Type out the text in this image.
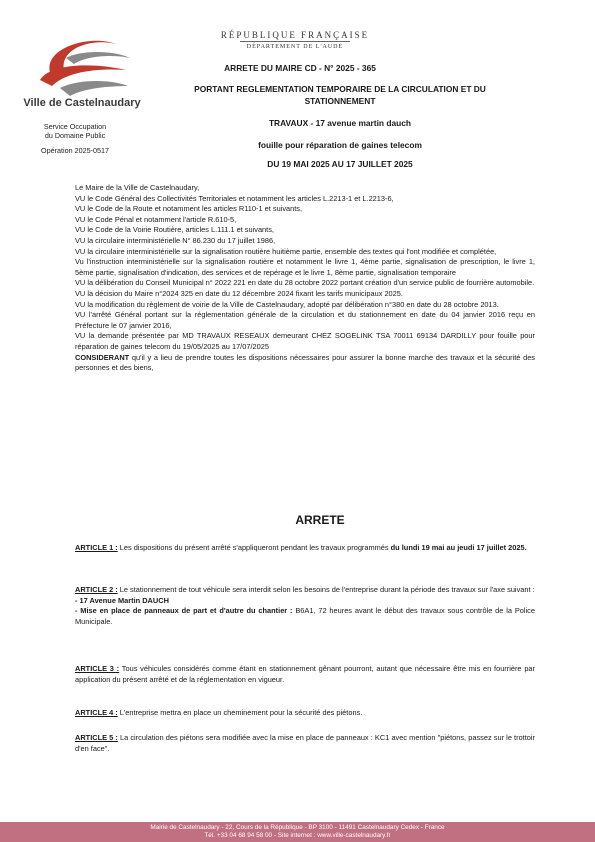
Ville de Castelnaudary
Service Occupation
du Domaine Public
Opération 2025-0517
RÉPUBLIQUE FRANÇAISE
DÉPARTEMENT DE L'AUDE
ARRETE DU MAIRE CD - N° 2025 - 365
PORTANT REGLEMENTATION TEMPORAIRE DE LA CIRCULATION ET DU
STATIONNEMENT
TRAVAUX - 17 avenue martin dauch
fouille pour réparation de gaines telecom
DU 19 MAI 2025 AU 17 JUILLET 2025

Le Maire de la Ville de Castelnaudary,

VU le Code Général des Collectivités Territoriales et notamment les articles L.2213-1 et L.2213-6,

VU le Code de la Route et notamment les articles R110-1 et suivants,

VU le Code Pénal et notamment l'article R.610-5,

VU le Code de la Voirie Routière, articles L.111.1 et suivants,

VU la circulaire interministérielle N° 86.230 du 17 juillet 1986,

VU la circulaire interministérielle sur la signalisation routière huitième partie, ensemble des textes qui l'ont modifiée et complétée,

Vu l'instruction interministérielle sur la signalisation routière et notamment le livre 1, 4ème partie, signalisation de prescription, le livre 1, 5ème partie, signalisation d'indication, des services et de repérage et le livre 1, 8ème partie, signalisation temporaire

VU la délibération du Conseil Municipal n° 2022 221 en date du 28 octobre 2022 portant création d'un service public de fourrière automobile.

VU la décision du Maire n°2024 325 en date du 12 décembre 2024 fixant les tarifs municipaux 2025.

VU la modification du règlement de voirie de la Ville de Castelnaudary, adopté par délibération n°380 en date du 28 octobre 2013.

VU l'arrêté Général portant sur la réglementation générale de la circulation et du stationnement en date du 04 janvier 2016 reçu en Préfecture le 07 janvier 2016,

VU la demande présentée par MD TRAVAUX RESEAUX demeurant CHEZ SOGELINK TSA 70011 69134 DARDILLY pour fouille pour réparation de gaines telecom du 19/05/2025 au 17/07/2025

CONSIDERANT qu'il y a lieu de prendre toutes les dispositions nécessaires pour assurer la bonne marche des travaux et la sécurité des personnes et des biens,

ARRETE

ARTICLE 1 : Les dispositions du présent arrêté s'appliqueront pendant les travaux programmés du lundi 19 mai au jeudi 17 juillet 2025.

ARTICLE 2 : Le stationnement de tout véhicule sera interdit selon les besoins de l'entreprise durant la période des travaux sur l'axe suivant :

- 17 Avenue Martin DAUCH

- Mise en place de panneaux de part et d'autre du chantier : B6A1, 72 heures avant le début des travaux sous contrôle de la Police Municipale.

ARTICLE 3 : Tous véhicules considérés comme étant en stationnement gênant pourront, autant que nécessaire être mis en fourrière par application du présent arrêté et de la réglementation en vigueur.

ARTICLE 4 : L'entreprise mettra en place un cheminement pour la sécurité des piétons.

ARTICLE 5 : La circulation des piétons sera modifiée avec la mise en place de panneaux : KC1 avec mention "piétons, passez sur le trottoir d'en face".

Mairie de Castelnaudary - 22, Cours de la République - BP 3100 - 11491 Castelnaudary Cedex - France
Tél. +33 04 68 94 58 00 - Site internet : www.ville-castelnaudary.fr
